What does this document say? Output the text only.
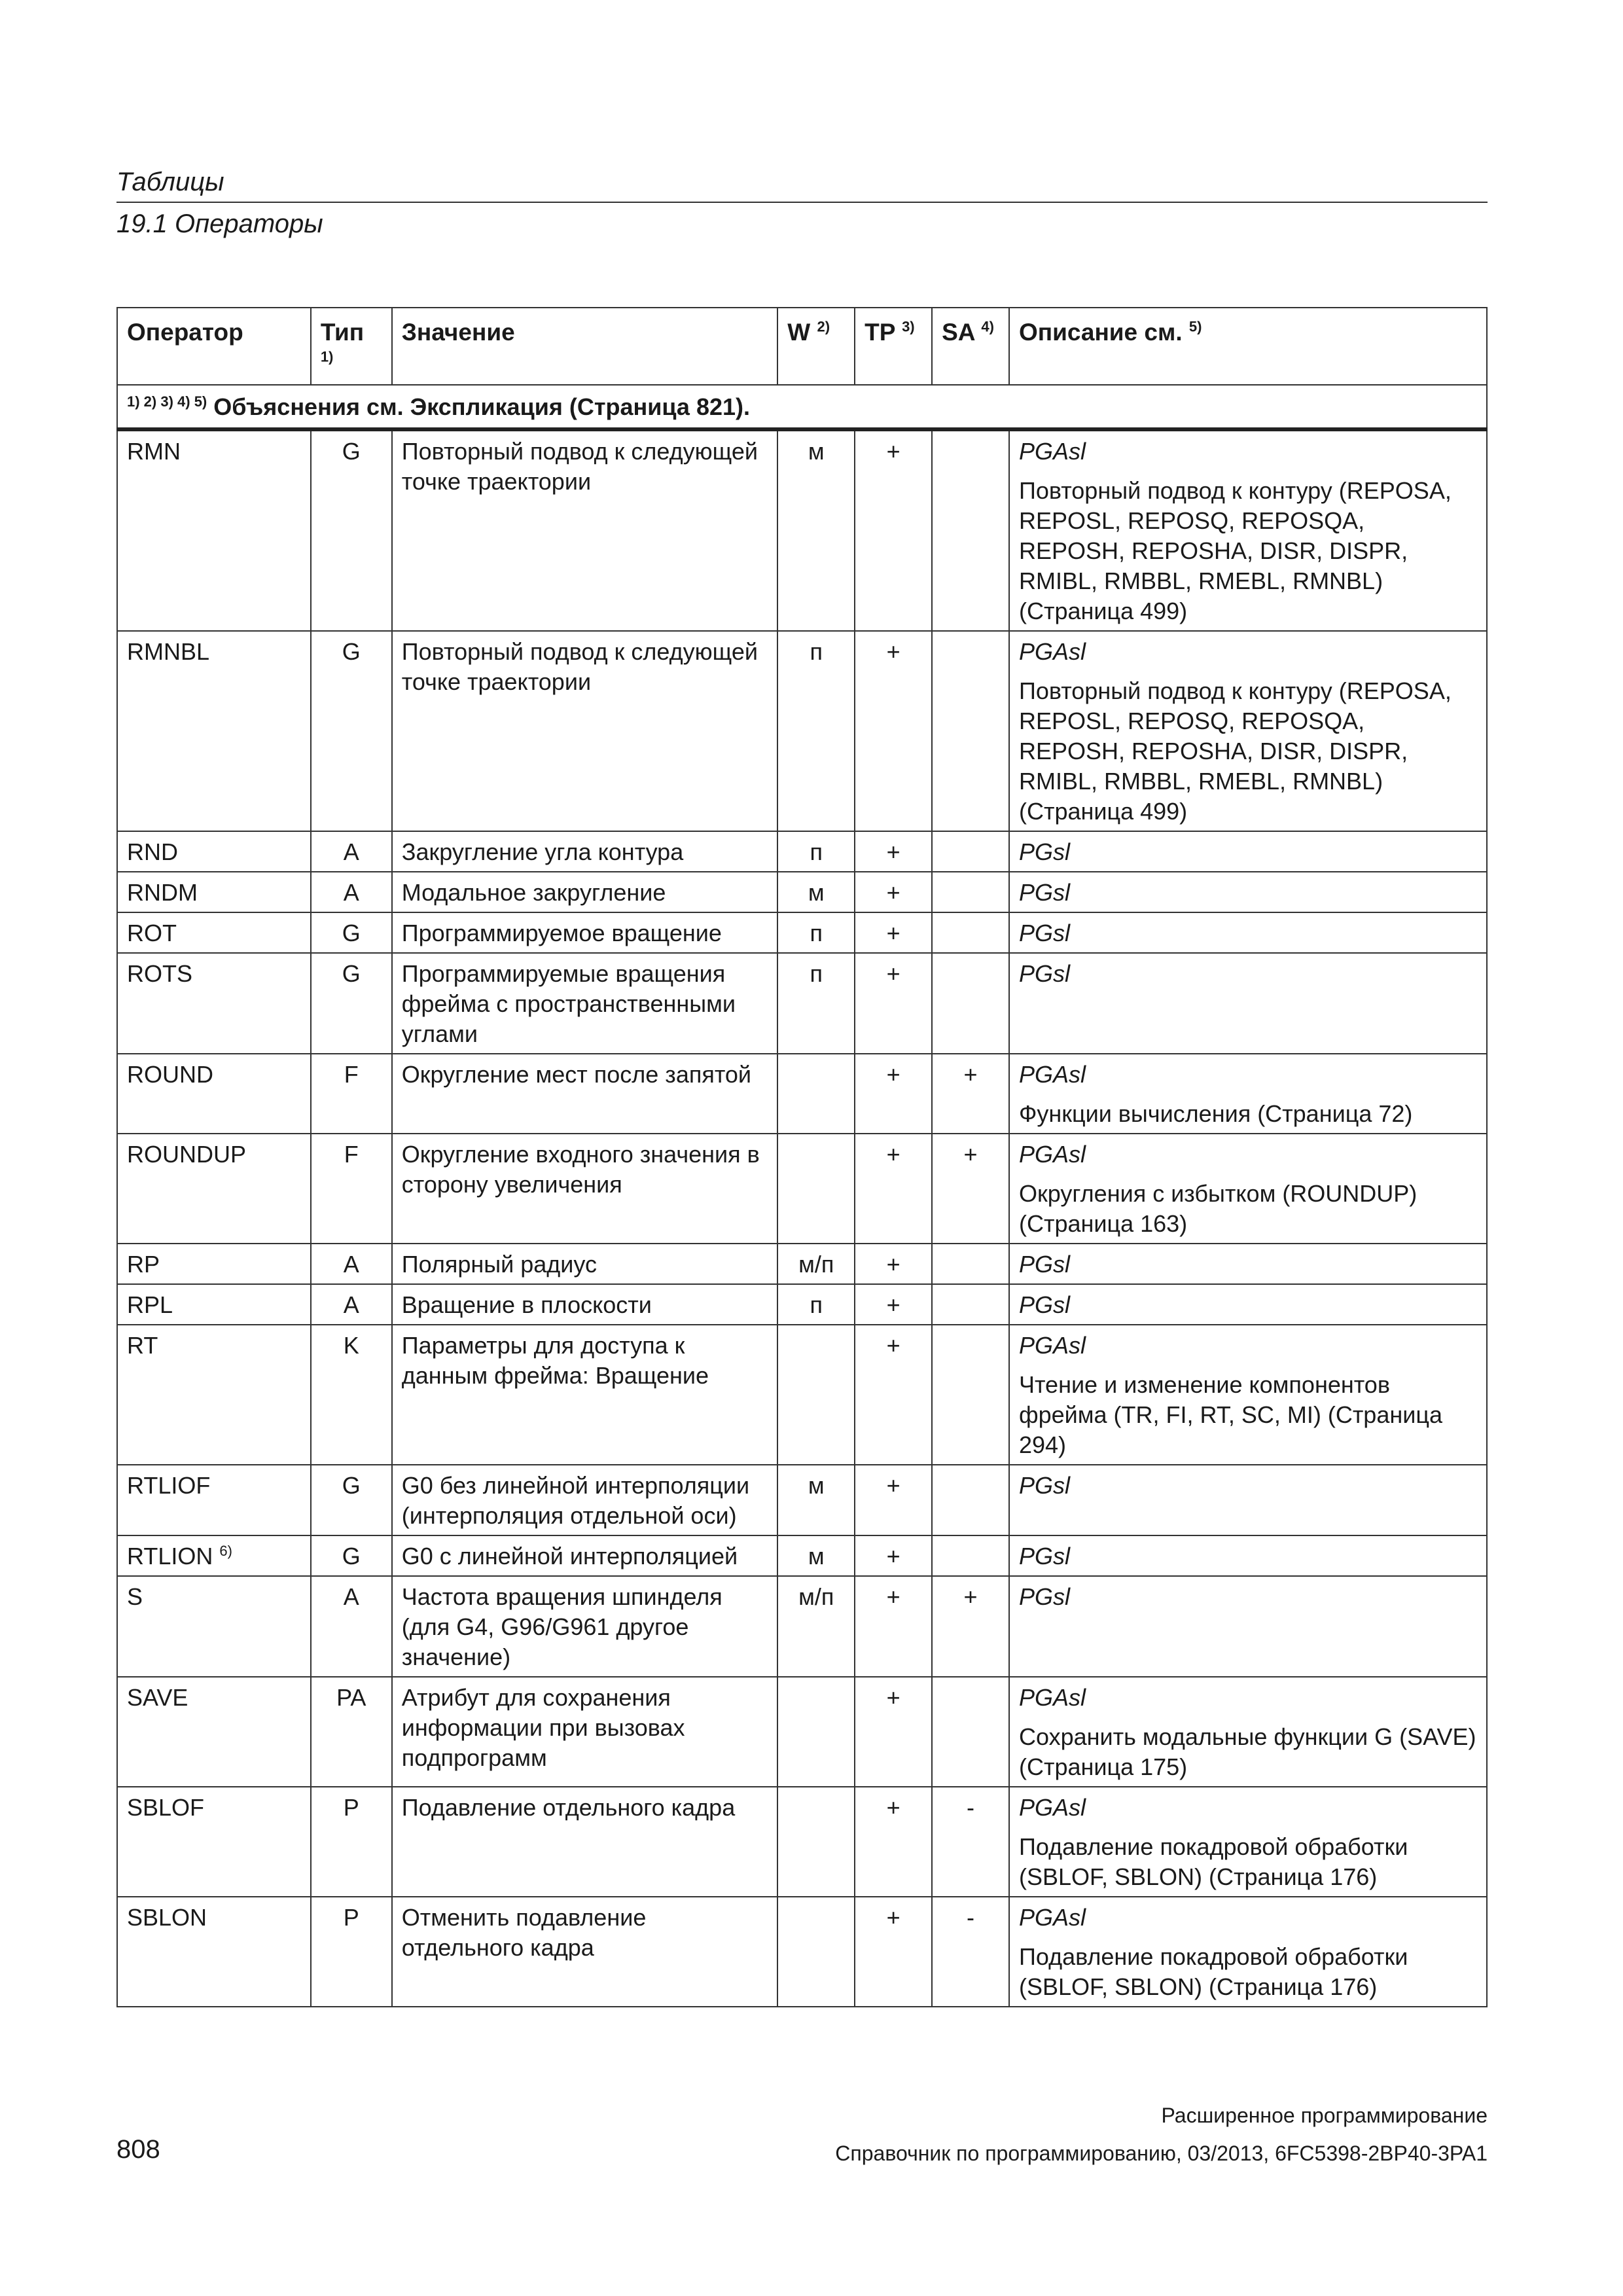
Таблицы
19.1 Операторы
Оператор	Тип $^{1)}$	Значение	W $^{2)}$	TP $^{3)}$	SA $^{4)}$	Описание см. $^{5)}$
$^{1) 2) 3) 4) 5)}$ Объяснения см. Экспликация (Страница 821).						
RMN	G	Повторный подвод к следующей точке траектории	м	+		PGAsl
Повторный подвод к контуру (REPOSA, REPOSL, REPOSQ, REPOSQA, REPOSH, REPOSHA, DISR, DISPR, RMIBL, RMBBL, RMEBL, RMNBL) (Страница 499)

RMNBL	G	Повторный подвод к следующей точке траектории	п	+		PGAsl
Повторный подвод к контуру (REPOSA, REPOSL, REPOSQ, REPOSQA, REPOSH, REPOSHA, DISR, DISPR, RMIBL, RMBBL, RMEBL, RMNBL) (Страница 499)

RND	A	Закругление угла контура	п	+		PGsl

RNDM	A	Модальное закругление	м	+		PGsl

ROT	G	Программируемое вращение	п	+		PGsl

ROTS	G	Программируемые вращения фрейма с пространственными углами	п	+		PGsl

ROUND	F	Округление мест после запятой		+	+	PGAsl
Функции вычисления (Страница 72)

ROUNDUP	F	Округление входного значения в сторону увеличения		+	+	PGAsl
Округления с избытком (ROUNDUP) (Страница 163)

RP	A	Полярный радиус	м/п	+		PGsl

RPL	A	Вращение в плоскости	п	+		PGsl

RT	K	Параметры для доступа к данным фрейма: Вращение		+		PGAsl
Чтение и изменение компонентов фрейма (TR, FI, RT, SC, MI) (Страница 294)

RTLIOF	G	G0 без линейной интерполяции (интерполяция отдельной оси)	м	+		PGsl

RTLION $^{6)}$	G	G0 с линейной интерполяцией	м	+		PGsl

S	A	Частота вращения шпинделя (для G4, G96/G961 другое значение)	м/п	+	+	PGsl

SAVE	PA	Атрибут для сохранения информации при вызовах подпрограмм		+		PGAsl
Сохранить модальные функции G (SAVE) (Страница 175)

SBLOF	P	Подавление отдельного кадра		+	-	PGAsl
Подавление покадровой обработки (SBLOF, SBLON) (Страница 176)

SBLON	P	Отменить подавление отдельного кадра		+	-	PGAsl
Подавление покадровой обработки (SBLOF, SBLON) (Страница 176)
Расширенное программирование
808	Справочник по программированию, 03/2013, 6FC5398-2BP40-3PA1
